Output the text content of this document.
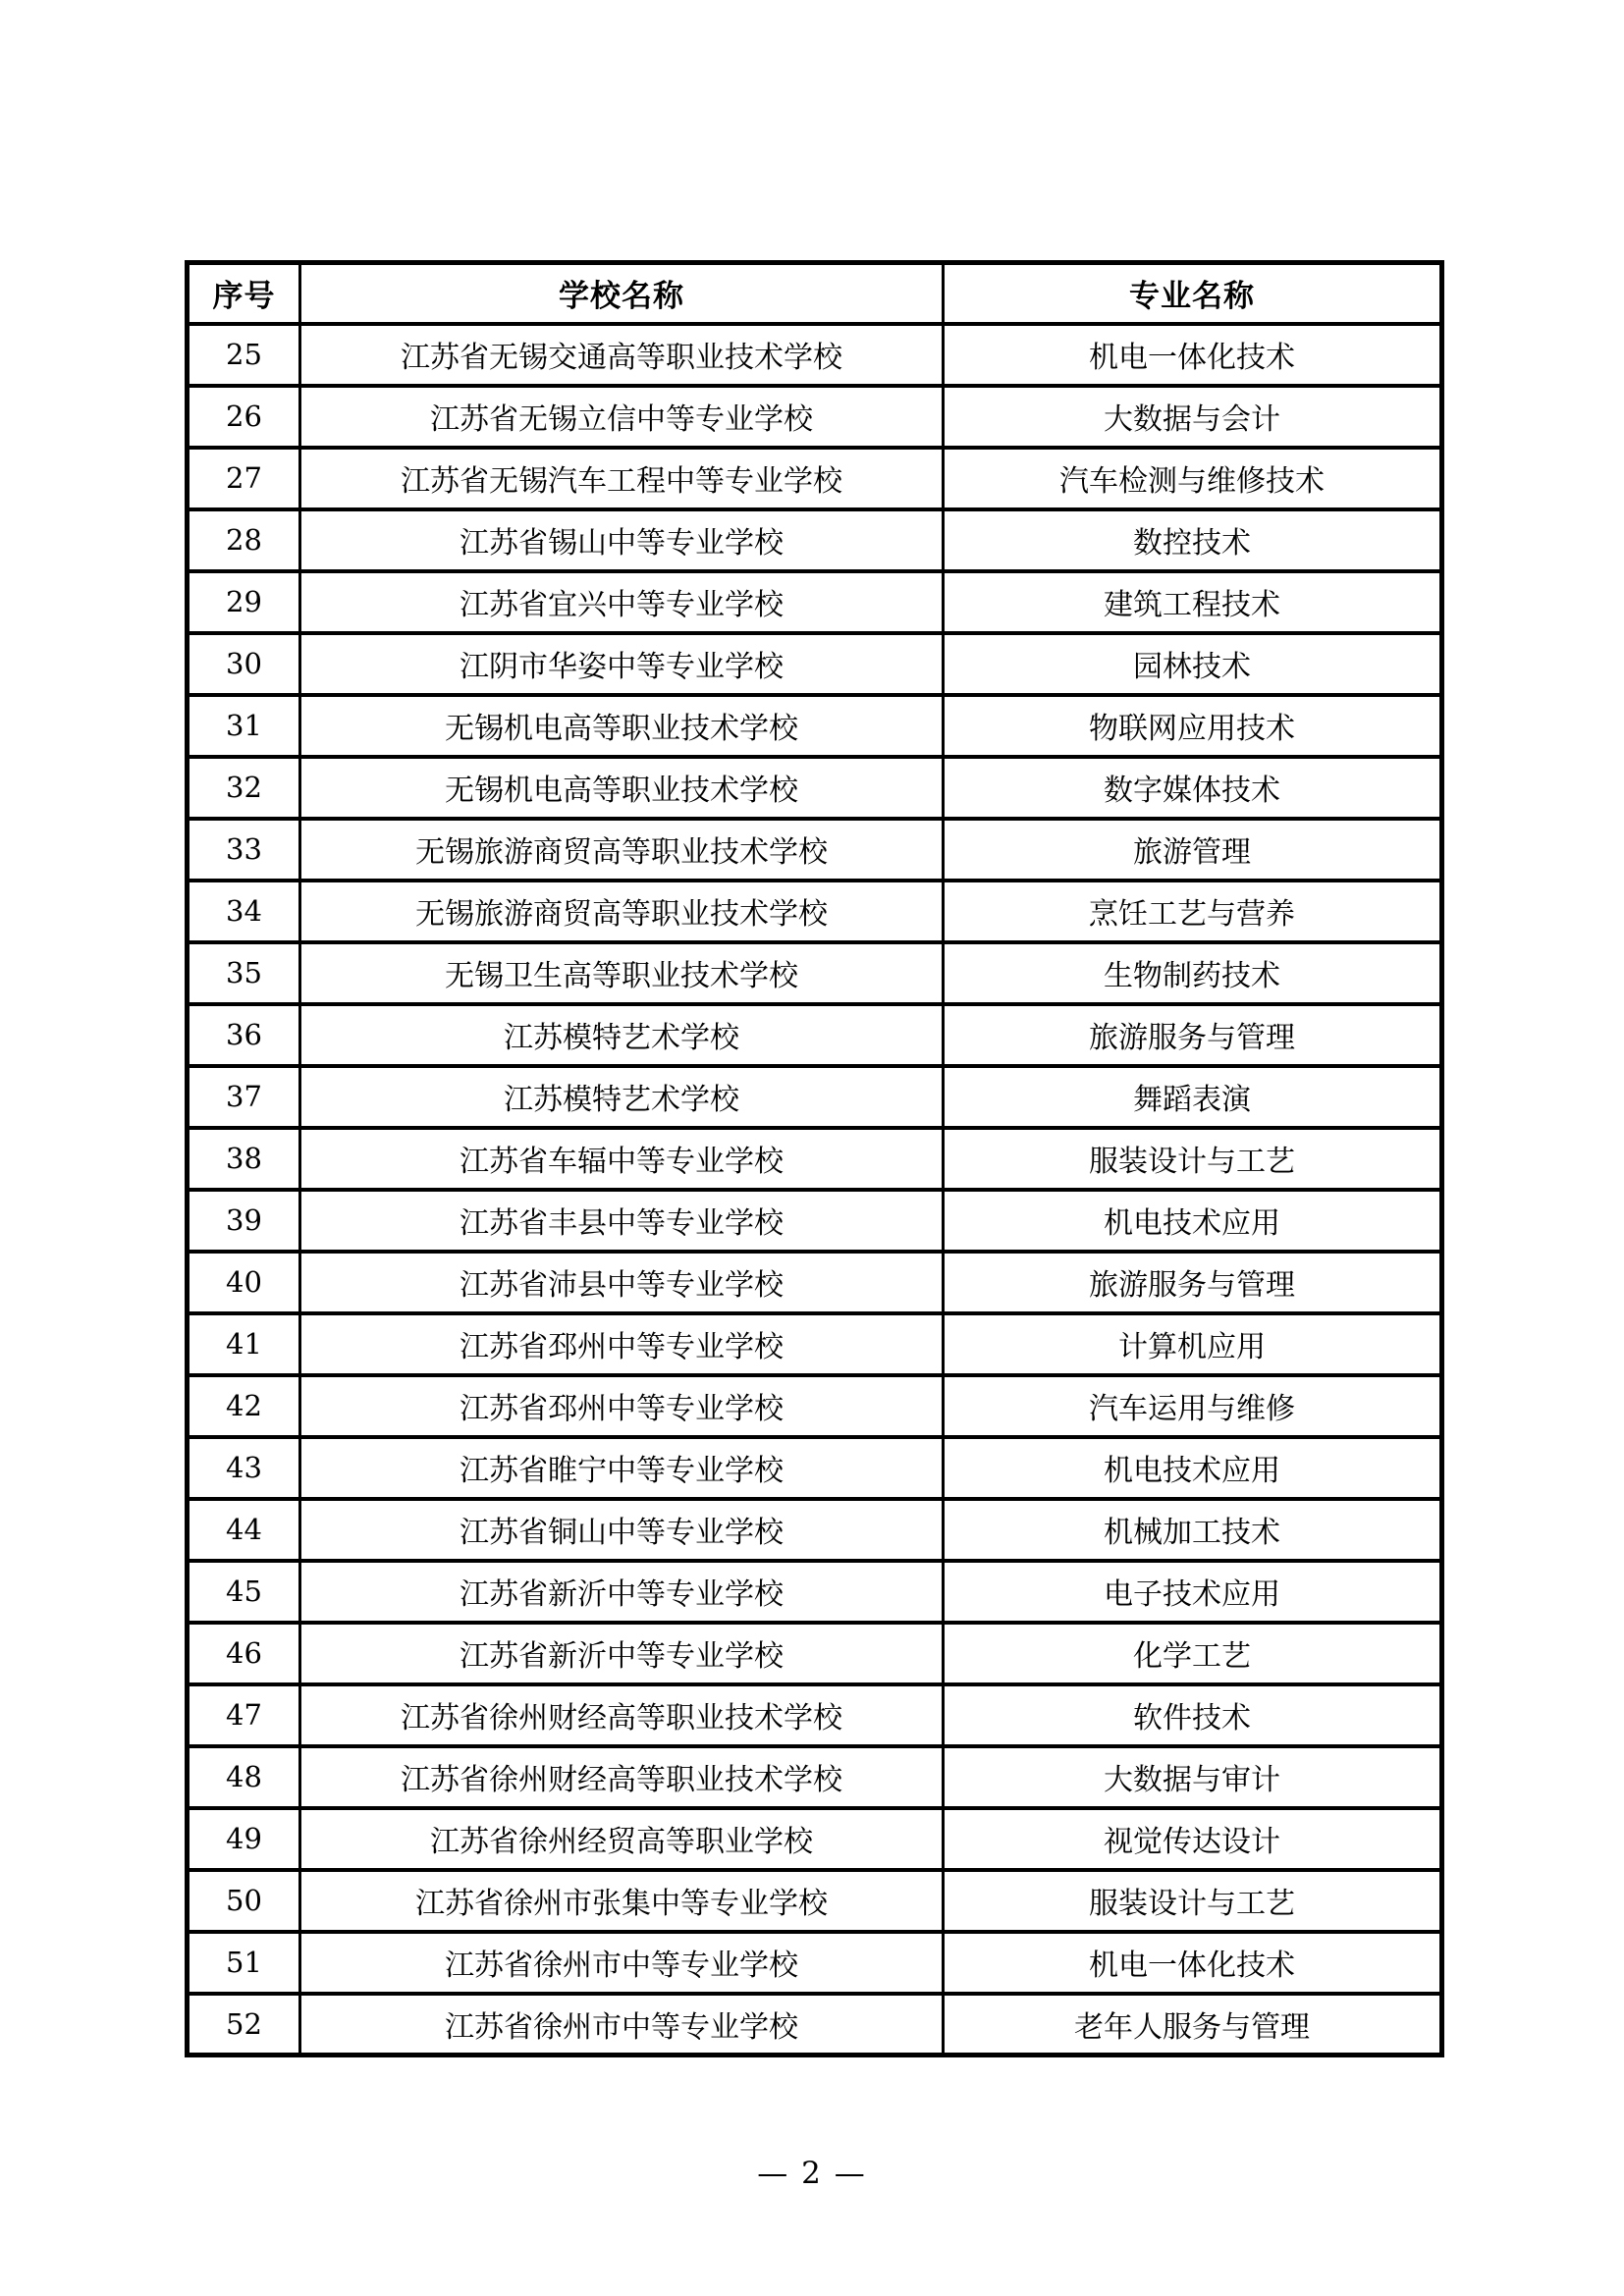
序号	学校名称	专业名称
25	江苏省无锡交通高等职业技术学校	机电一体化技术
26	江苏省无锡立信中等专业学校	大数据与会计
27	江苏省无锡汽车工程中等专业学校	汽车检测与维修技术
28	江苏省锡山中等专业学校	数控技术
29	江苏省宜兴中等专业学校	建筑工程技术
30	江阴市华姿中等专业学校	园林技术
31	无锡机电高等职业技术学校	物联网应用技术
32	无锡机电高等职业技术学校	数字媒体技术
33	无锡旅游商贸高等职业技术学校	旅游管理
34	无锡旅游商贸高等职业技术学校	烹饪工艺与营养
35	无锡卫生高等职业技术学校	生物制药技术
36	江苏模特艺术学校	旅游服务与管理
37	江苏模特艺术学校	舞蹈表演
38	江苏省车辐中等专业学校	服装设计与工艺
39	江苏省丰县中等专业学校	机电技术应用
40	江苏省沛县中等专业学校	旅游服务与管理
41	江苏省邳州中等专业学校	计算机应用
42	江苏省邳州中等专业学校	汽车运用与维修
43	江苏省睢宁中等专业学校	机电技术应用
44	江苏省铜山中等专业学校	机械加工技术
45	江苏省新沂中等专业学校	电子技术应用
46	江苏省新沂中等专业学校	化学工艺
47	江苏省徐州财经高等职业技术学校	软件技术
48	江苏省徐州财经高等职业技术学校	大数据与审计
49	江苏省徐州经贸高等职业学校	视觉传达设计
50	江苏省徐州市张集中等专业学校	服装设计与工艺
51	江苏省徐州市中等专业学校	机电一体化技术
52	江苏省徐州市中等专业学校	老年人服务与管理
— 2 —
